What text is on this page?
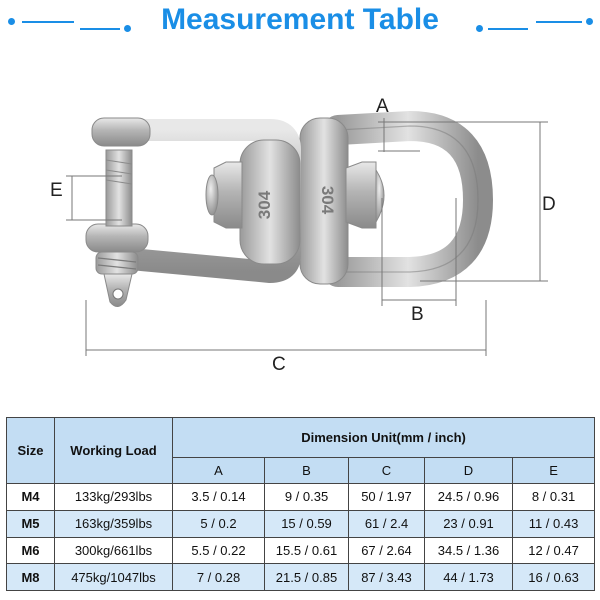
Measurement Table
304	304
A
D
B
C
E
Size	Working Load	Dimension Unit(mm / inch)				
		A	B	C	D	E
M4	133kg/293lbs	3.5 / 0.14	9 / 0.35	50 / 1.97	24.5 / 0.96	8 / 0.31
M5	163kg/359lbs	5 / 0.2	15 / 0.59	61 / 2.4	23 / 0.91	11 / 0.43
M6	300kg/661lbs	5.5 / 0.22	15.5 / 0.61	67 / 2.64	34.5 / 1.36	12 / 0.47
M8	475kg/1047lbs	7 / 0.28	21.5 / 0.85	87 / 3.43	44 / 1.73	16 / 0.63
